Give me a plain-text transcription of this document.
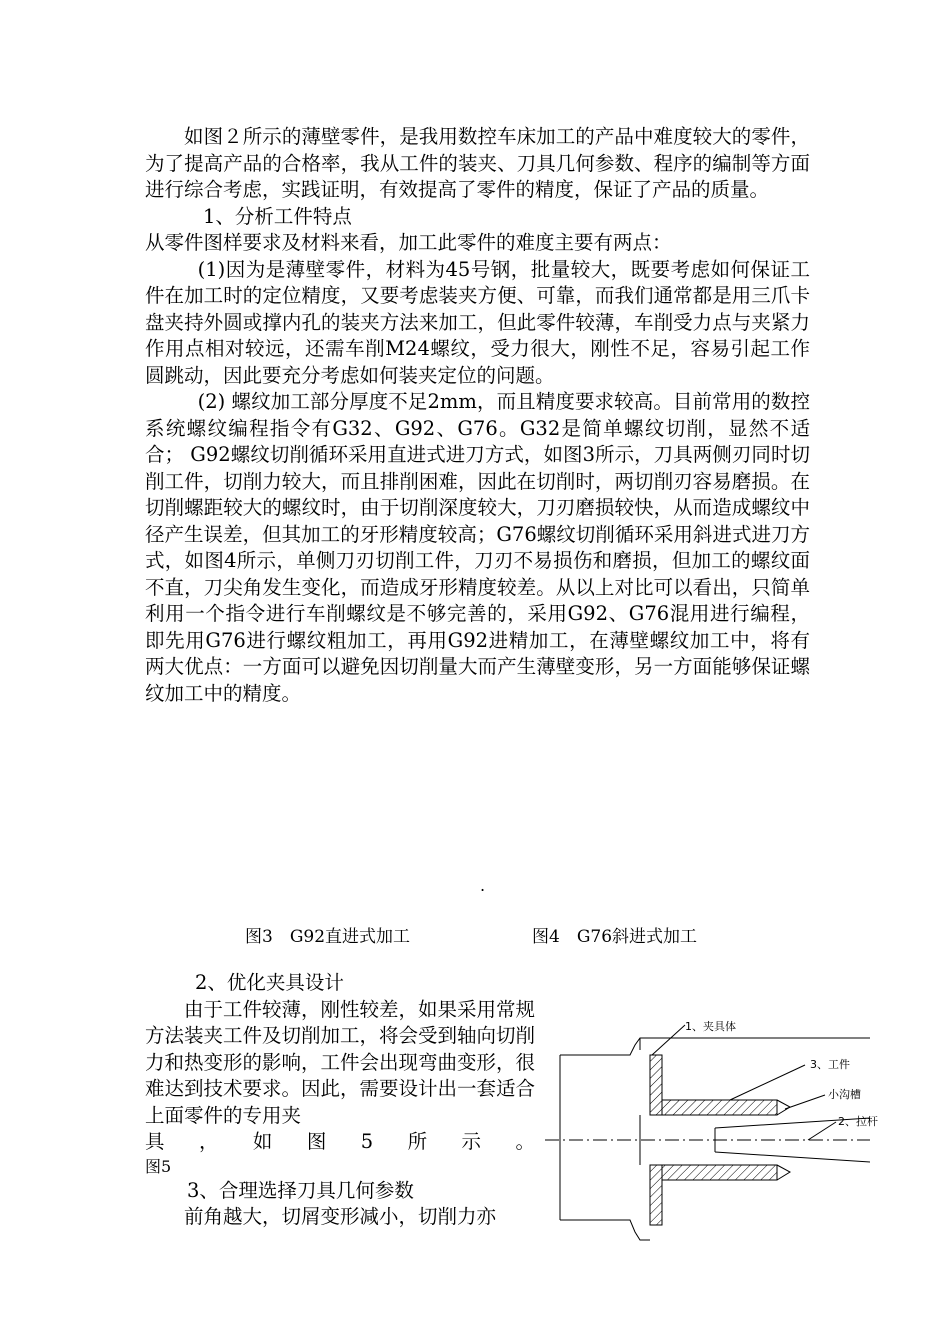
如图２所示的薄壁零件，是我用数控车床加工的产品中难度较大的零件，为了提高产品的合格率，我从工件的装夹、刀具几何参数、程序的编制等方面进行综合考虑，实践证明，有效提高了零件的精度，保证了产品的质量。

1、分析工件特点

从零件图样要求及材料来看，加工此零件的难度主要有两点：

(1)因为是薄壁零件，材料为45号钢，批量较大，既要考虑如何保证工件在加工时的定位精度，又要考虑装夹方便、可靠，而我们通常都是用三爪卡盘夹持外圆或撑内孔的装夹方法来加工，但此零件较薄，车削受力点与夹紧力作用点相对较远，还需车削M24螺纹，受力很大，刚性不足，容易引起工作圆跳动，因此要充分考虑如何装夹定位的问题。

(2) 螺纹加工部分厚度不足2mm，而且精度要求较高。目前常用的数控系统螺纹编程指令有G32、G92、G76。G32是简单螺纹切削，显然不适合； G92螺纹切削循环采用直进式进刀方式，如图3所示，刀具两侧刃同时切削工件，切削力较大，而且排削困难，因此在切削时，两切削刃容易磨损。在切削螺距较大的螺纹时，由于切削深度较大，刀刃磨损较快，从而造成螺纹中径产生误差，但其加工的牙形精度较高；G76螺纹切削循环采用斜进式进刀方式，如图4所示，单侧刀刃切削工件，刀刃不易损伤和磨损，但加工的螺纹面不直，刀尖角发生变化，而造成牙形精度较差。从以上对比可以看出，只简单利用一个指令进行车削螺纹是不够完善的，采用G92、G76混用进行编程，即先用G76进行螺纹粗加工，再用G92进精加工，在薄壁螺纹加工中，将有两大优点：一方面可以避免因切削量大而产生薄壁变形，另一方面能够保证螺纹加工中的精度。

.
图3　G92直进式加工	图4　G76斜进式加工

2、优化夹具设计

由于工件较薄，刚性较差，如果采用常规方法装夹工件及切削加工，将会受到轴向切削力和热变形的影响，工件会出现弯曲变形，很难达到技术要求。因此，需要设计出一套适合上面零件的专用夹

具 ， 如 图 5 所 示 。

图5

3、合理选择刀具几何参数

前角越大，切屑变形减小，切削力亦

1、夹具体
3、工件
小沟槽
2、拉杆
